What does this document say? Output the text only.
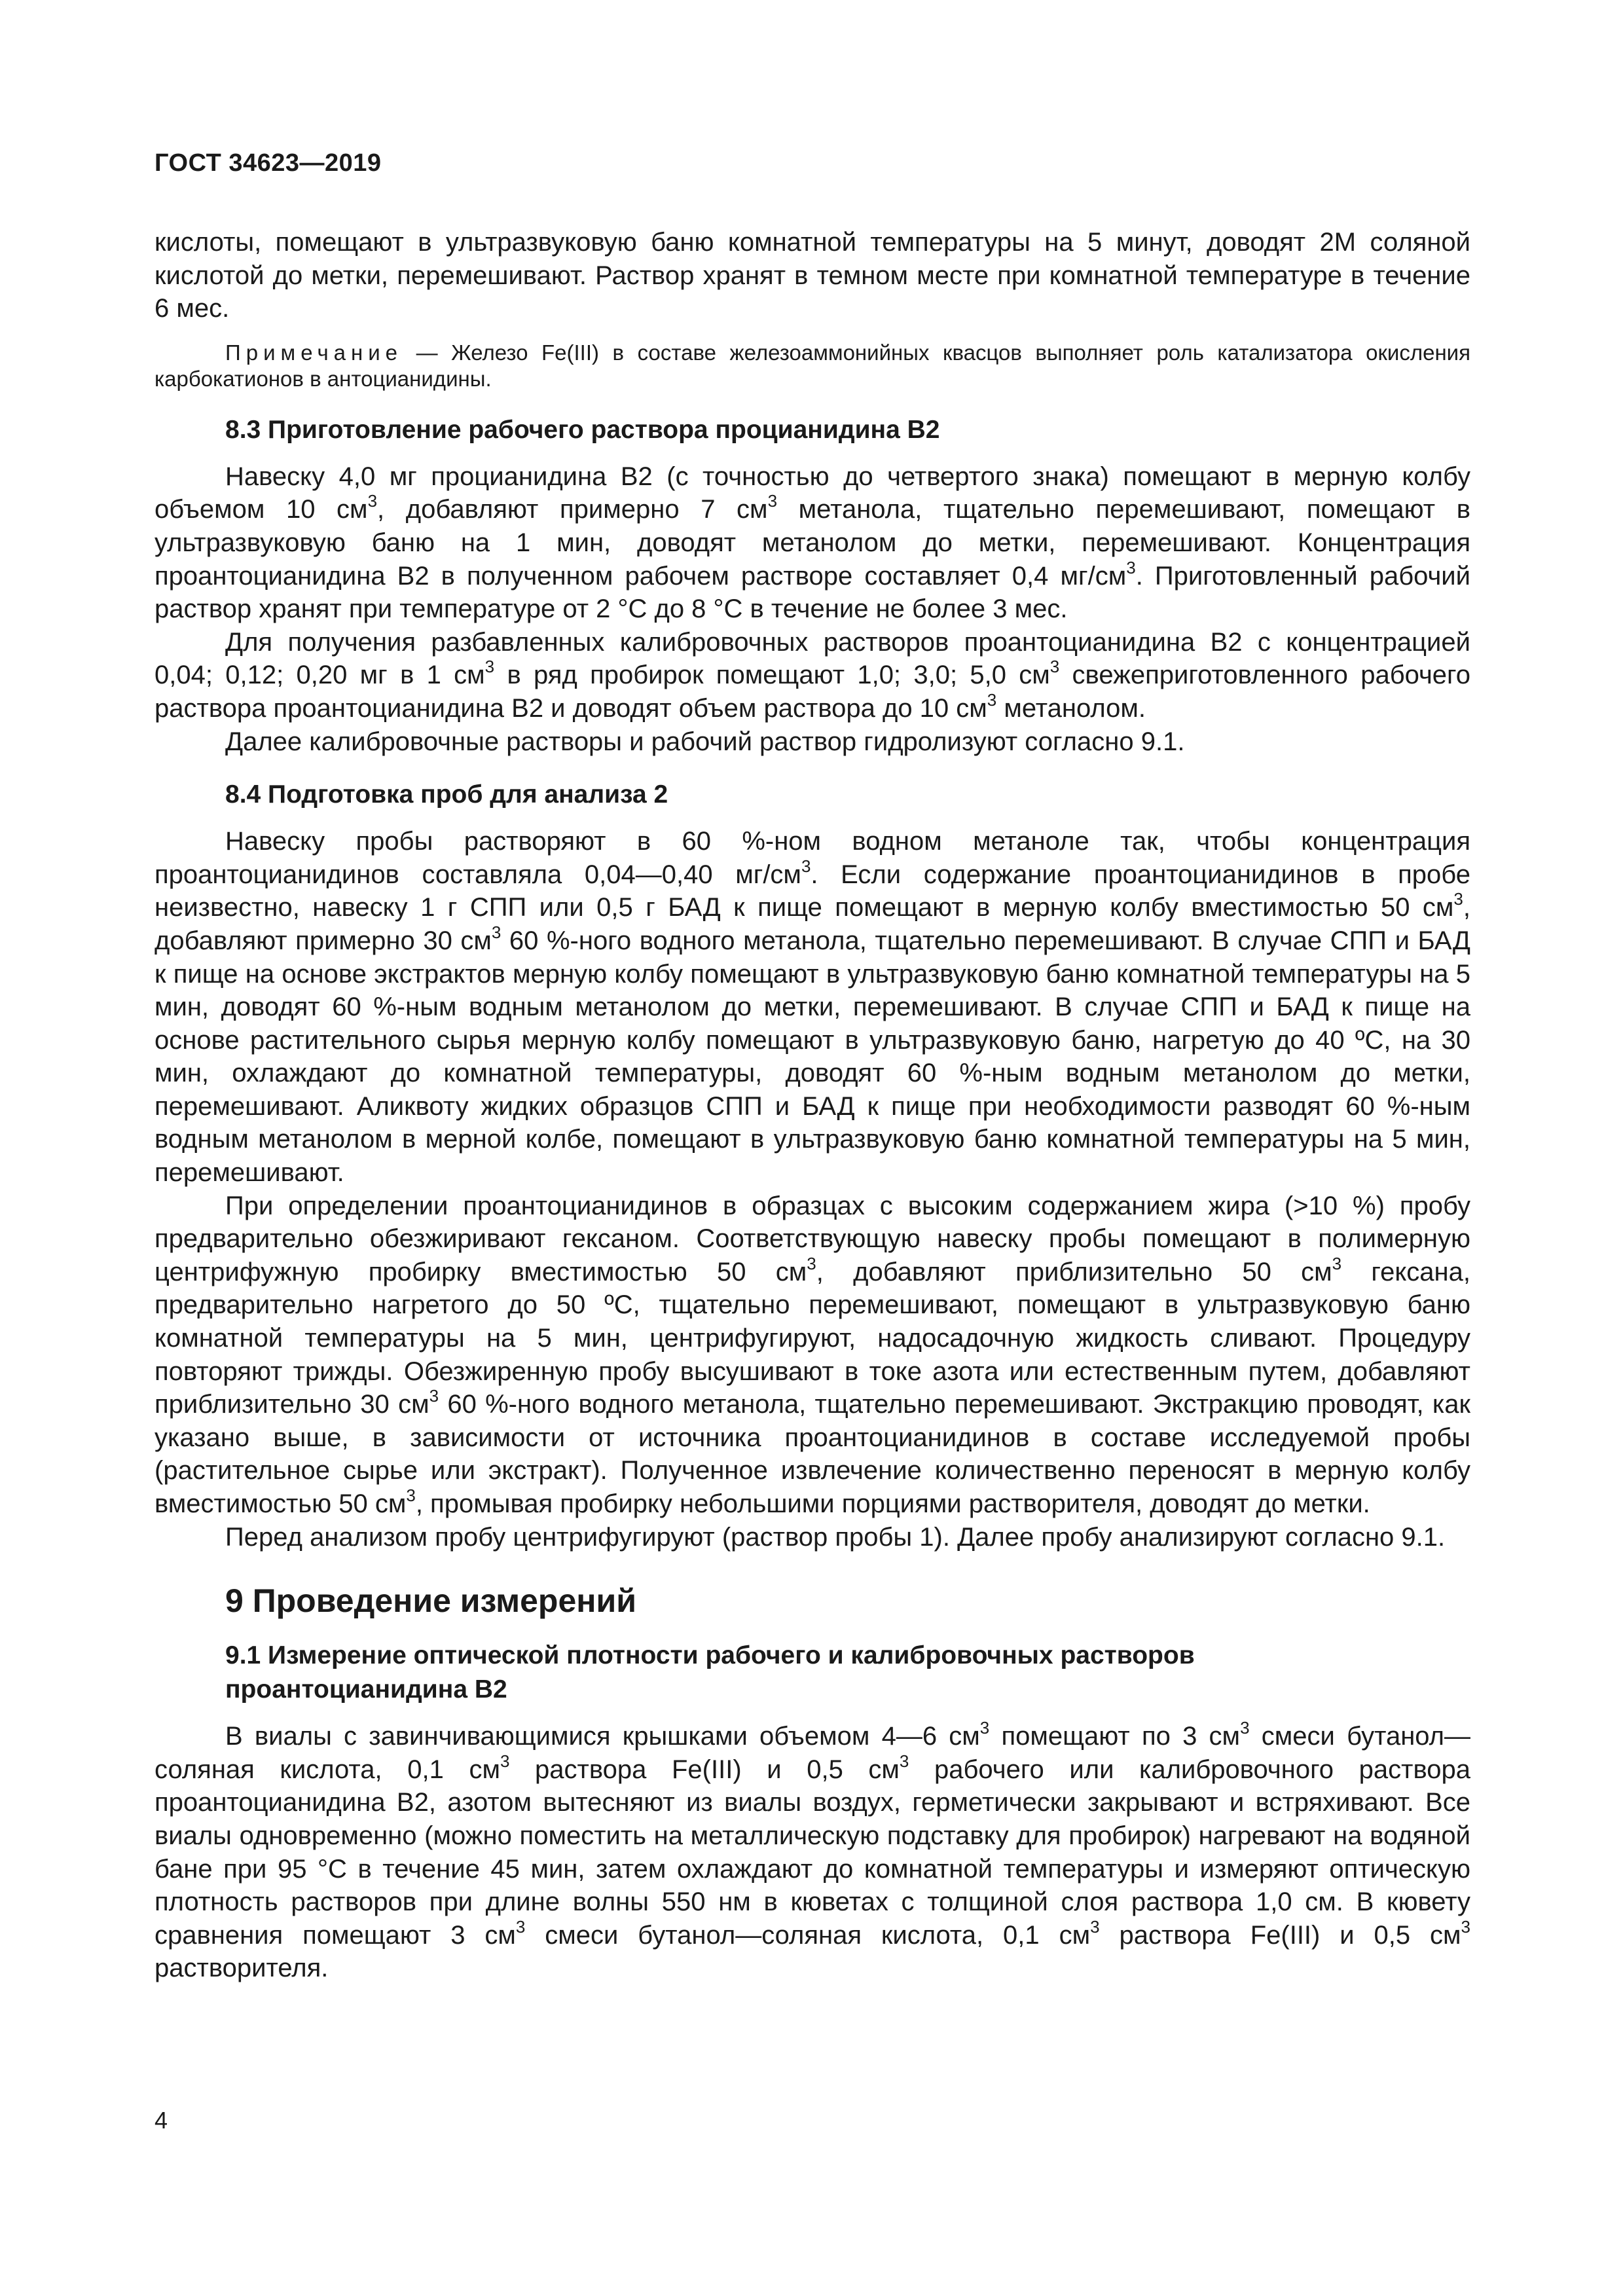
ГОСТ 34623—2019

кислоты, помещают в ультразвуковую баню комнатной температуры на 5 минут, доводят 2М соляной кислотой до метки, перемешивают. Раствор хранят в темном месте при комнатной температуре в течение 6 мес.

Примечание — Железо Fe(III) в составе железоаммонийных квасцов выполняет роль катализатора окисления карбокатионов в антоцианидины.

8.3 Приготовление рабочего раствора процианидина В2

Навеску 4,0 мг процианидина В2 (с точностью до четвертого знака) помещают в мерную колбу объемом 10 $см^3$, добавляют примерно 7 $см^3$ метанола, тщательно перемешивают, помещают в ультразвуковую баню на 1 мин, доводят метанолом до метки, перемешивают. Концентрация проантоцианидина В2 в полученном рабочем растворе составляет 0,4 $мг/см^3$. Приготовленный рабочий раствор хранят при температуре от 2 °С до 8 °С в течение не более 3 мес.

Для получения разбавленных калибровочных растворов проантоцианидина В2 с концентрацией 0,04; 0,12; 0,20 мг в 1 $см^3$ в ряд пробирок помещают 1,0; 3,0; 5,0 $см^3$ свежеприготовленного рабочего раствора проантоцианидина В2 и доводят объем раствора до 10 $см^3$ метанолом.

Далее калибровочные растворы и рабочий раствор гидролизуют согласно 9.1.

8.4 Подготовка проб для анализа 2

Навеску пробы растворяют в 60 %-ном водном метаноле так, чтобы концентрация проантоцианидинов составляла 0,04—0,40 $мг/см^3$. Если содержание проантоцианидинов в пробе неизвестно, навеску 1 г СПП или 0,5 г БАД к пище помещают в мерную колбу вместимостью 50 $см^3$, добавляют примерно 30 $см^3$ 60 %-ного водного метанола, тщательно перемешивают. В случае СПП и БАД к пище на основе экстрактов мерную колбу помещают в ультразвуковую баню комнатной температуры на 5 мин, доводят 60 %-ным водным метанолом до метки, перемешивают. В случае СПП и БАД к пище на основе растительного сырья мерную колбу помещают в ультразвуковую баню, нагретую до 40 ºС, на 30 мин, охлаждают до комнатной температуры, доводят 60 %-ным водным метанолом до метки, перемешивают. Аликвоту жидких образцов СПП и БАД к пище при необходимости разводят 60 %-ным водным метанолом в мерной колбе, помещают в ультразвуковую баню комнатной температуры на 5 мин, перемешивают.

При определении проантоцианидинов в образцах с высоким содержанием жира (>10 %) пробу предварительно обезжиривают гексаном. Соответствующую навеску пробы помещают в полимерную центрифужную пробирку вместимостью 50 $см^3$, добавляют приблизительно 50 $см^3$ гексана, предварительно нагретого до 50 ºС, тщательно перемешивают, помещают в ультразвуковую баню комнатной температуры на 5 мин, центрифугируют, надосадочную жидкость сливают. Процедуру повторяют трижды. Обезжиренную пробу высушивают в токе азота или естественным путем, добавляют приблизительно 30 $см^3$ 60 %-ного водного метанола, тщательно перемешивают. Экстракцию проводят, как указано выше, в зависимости от источника проантоцианидинов в составе исследуемой пробы (растительное сырье или экстракт). Полученное извлечение количественно переносят в мерную колбу вместимостью 50 $см^3$, промывая пробирку небольшими порциями растворителя, доводят до метки.

Перед анализом пробу центрифугируют (раствор пробы 1). Далее пробу анализируют согласно 9.1.

9 Проведение измерений
9.1 Измерение оптической плотности рабочего и калибровочных растворов
проантоцианидина В2

В виалы с завинчивающимися крышками объемом 4—6 $см^3$ помещают по 3 $см^3$ смеси бутанол—соляная кислота, 0,1 $см^3$ раствора Fe(III) и 0,5 $см^3$ рабочего или калибровочного раствора проантоцианидина В2, азотом вытесняют из виалы воздух, герметически закрывают и встряхивают. Все виалы одновременно (можно поместить на металлическую подставку для пробирок) нагревают на водяной бане при 95 °С в течение 45 мин, затем охлаждают до комнатной температуры и измеряют оптическую плотность растворов при длине волны 550 нм в кюветах с толщиной слоя раствора 1,0 см. В кювету сравнения помещают 3 $см^3$ смеси бутанол—соляная кислота, 0,1 $см^3$ раствора Fe(III) и 0,5 $см^3$ растворителя.

4
